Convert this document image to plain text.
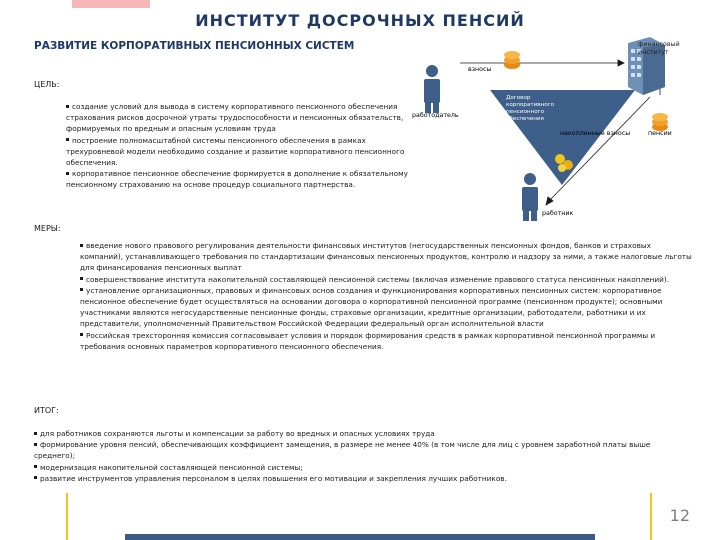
ИНСТИТУТ ДОСРОЧНЫХ ПЕНСИЙ
РАЗВИТИЕ КОРПОРАТИВНЫХ ПЕНСИОННЫХ СИСТЕМ
ЦЕЛЬ:

создание условий для вывода в систему корпоративного пенсионного обеспечения страхования рисков досрочной утраты трудоспособности и пенсионных обязательств, формируемых по вредным и опасным условиям труда

построение полномасштабной системы пенсионного обеспечения в рамках трехуровневой модели необходимо создание и развитие корпоративного пенсионного обеспечения.

корпоративное пенсионное обеспечение формируется в дополнение к обязательному пенсионному страхованию на основе процедур социального партнерства.

МЕРЫ:

введение нового правового регулирования деятельности финансовых институтов (негосударственных пенсионных фондов, банков и страховых компаний), устанавливающего требования по стандартизации финансовых пенсионных продуктов, контролю и надзору за ними, а также налоговые льготы для финансирования пенсионных выплат

совершенствование института накопительной составляющей пенсионной системы (включая изменение правового статуса пенсионных накоплений).

установление организационных, правовых и финансовых основ создания и функционирования корпоративных пенсионных систем: корпоративное пенсионное обеспечение будет осуществляться на основании договора о корпоративной пенсионной программе (пенсионном продукте); основными участниками являются негосударственные пенсионные фонды, страховые организации, кредитные организации, работодатели, работники и их представители, уполномоченный Правительством Российской Федерации федеральный орган исполнительной власти

Российская трехсторонняя комиссия согласовывает условия и порядок формирования средств в рамках корпоративной пенсионной программы и требования основных параметров корпоративного пенсионного обеспечения.

ИТОГ:

для работников сохраняются льготы и компенсации за работу во вредных и опасных условиях труда

формирование уровня пенсий, обеспечивающих коэффициент замещения, в размере не менее 40% (в том числе для лиц с уровнем заработной платы выше среднего);

модернизация накопительной составляющей пенсионной системы;

развитие инструментов управления персоналом в целях повышения его мотивации и закрепления лучших работников.

взносы
работодатель
работник
пенсии
накопленные взносы
финансовый институт
Договор корпоративного пенсионного обеспечения
12
